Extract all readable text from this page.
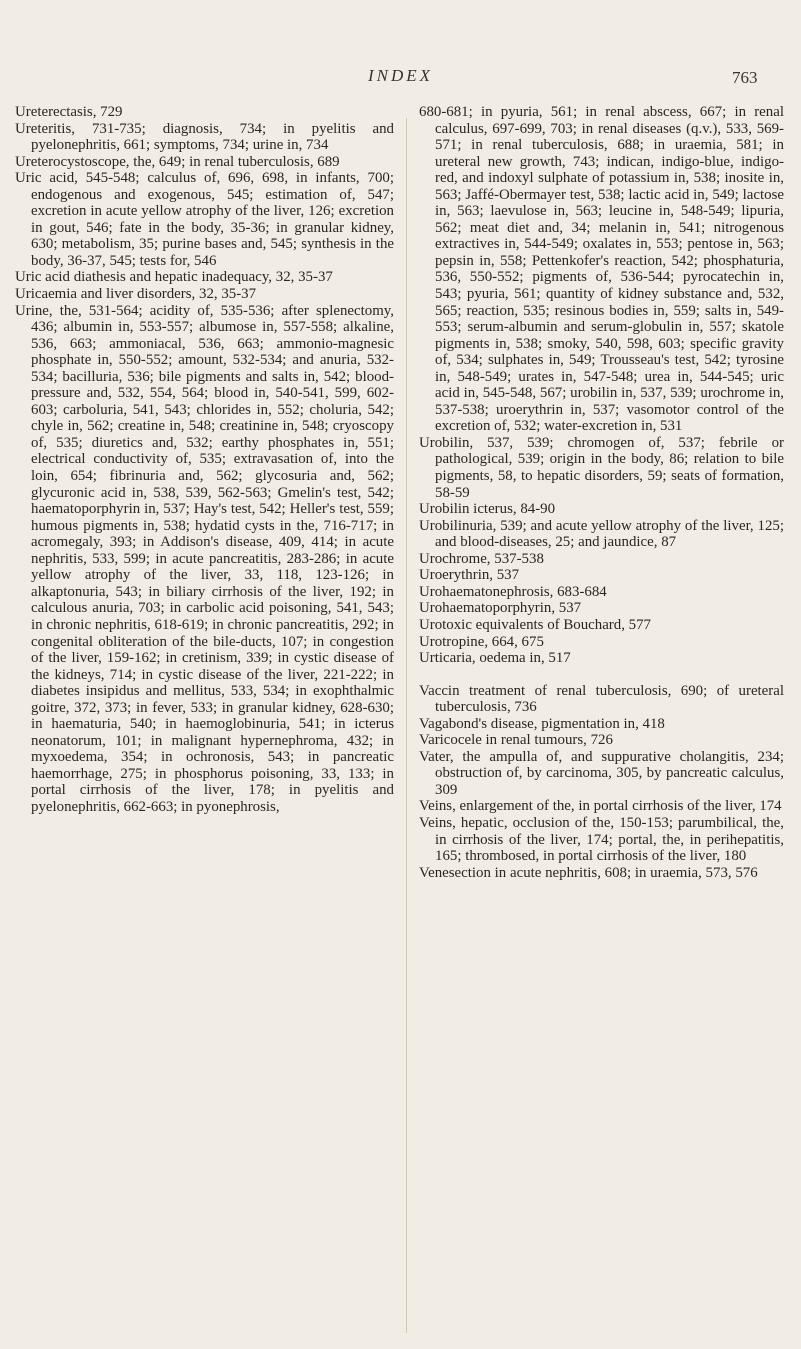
INDEX	763

Ureterectasis, 729

Ureteritis, 731-735; diagnosis, 734; in pyelitis and pyelonephritis, 661; symptoms, 734; urine in, 734

Ureterocystoscope, the, 649; in renal tuberculosis, 689

Uric acid, 545-548; calculus of, 696, 698, in infants, 700; endogenous and exogenous, 545; estimation of, 547; excretion in acute yellow atrophy of the liver, 126; excretion in gout, 546; fate in the body, 35-36; in granular kidney, 630; metabolism, 35; purine bases and, 545; synthesis in the body, 36-37, 545; tests for, 546

Uric acid diathesis and hepatic inadequacy, 32, 35-37

Uricaemia and liver disorders, 32, 35-37

Urine, the, 531-564; acidity of, 535-536; after splenectomy, 436; albumin in, 553-557; albumose in, 557-558; alkaline, 536, 663; ammoniacal, 536, 663; ammonio-magnesic phosphate in, 550-552; amount, 532-534; and anuria, 532-534; bacilluria, 536; bile pigments and salts in, 542; blood-pressure and, 532, 554, 564; blood in, 540-541, 599, 602-603; carboluria, 541, 543; chlorides in, 552; choluria, 542; chyle in, 562; creatine in, 548; creatinine in, 548; cryoscopy of, 535; diuretics and, 532; earthy phosphates in, 551; electrical conductivity of, 535; extravasation of, into the loin, 654; fibrinuria and, 562; glycosuria and, 562; glycuronic acid in, 538, 539, 562-563; Gmelin's test, 542; haematoporphyrin in, 537; Hay's test, 542; Heller's test, 559; humous pigments in, 538; hydatid cysts in the, 716-717; in acromegaly, 393; in Addison's disease, 409, 414; in acute nephritis, 533, 599; in acute pancreatitis, 283-286; in acute yellow atrophy of the liver, 33, 118, 123-126; in alkaptonuria, 543; in biliary cirrhosis of the liver, 192; in calculous anuria, 703; in carbolic acid poisoning, 541, 543; in chronic nephritis, 618-619; in chronic pancreatitis, 292; in congenital obliteration of the bile-ducts, 107; in congestion of the liver, 159-162; in cretinism, 339; in cystic disease of the kidneys, 714; in cystic disease of the liver, 221-222; in diabetes insipidus and mellitus, 533, 534; in exophthalmic goitre, 372, 373; in fever, 533; in granular kidney, 628-630; in haematuria, 540; in haemoglobinuria, 541; in icterus neonatorum, 101; in malignant hypernephroma, 432; in myxoedema, 354; in ochronosis, 543; in pancreatic haemorrhage, 275; in phosphorus poisoning, 33, 133; in portal cirrhosis of the liver, 178; in pyelitis and pyelonephritis, 662-663; in pyonephrosis,

680-681; in pyuria, 561; in renal abscess, 667; in renal calculus, 697-699, 703; in renal diseases (q.v.), 533, 569-571; in renal tuberculosis, 688; in uraemia, 581; in ureteral new growth, 743; indican, indigo-blue, indigo-red, and indoxyl sulphate of potassium in, 538; inosite in, 563; Jaffé-Obermayer test, 538; lactic acid in, 549; lactose in, 563; laevulose in, 563; leucine in, 548-549; lipuria, 562; meat diet and, 34; melanin in, 541; nitrogenous extractives in, 544-549; oxalates in, 553; pentose in, 563; pepsin in, 558; Pettenkofer's reaction, 542; phosphaturia, 536, 550-552; pigments of, 536-544; pyrocatechin in, 543; pyuria, 561; quantity of kidney substance and, 532, 565; reaction, 535; resinous bodies in, 559; salts in, 549-553; serum-albumin and serum-globulin in, 557; skatole pigments in, 538; smoky, 540, 598, 603; specific gravity of, 534; sulphates in, 549; Trousseau's test, 542; tyrosine in, 548-549; urates in, 547-548; urea in, 544-545; uric acid in, 545-548, 567; urobilin in, 537, 539; urochrome in, 537-538; uroerythrin in, 537; vasomotor control of the excretion of, 532; water-excretion in, 531

Urobilin, 537, 539; chromogen of, 537; febrile or pathological, 539; origin in the body, 86; relation to bile pigments, 58, to hepatic disorders, 59; seats of formation, 58-59

Urobilin icterus, 84-90

Urobilinuria, 539; and acute yellow atrophy of the liver, 125; and blood-diseases, 25; and jaundice, 87

Urochrome, 537-538

Uroerythrin, 537

Urohaematonephrosis, 683-684

Urohaematoporphyrin, 537

Urotoxic equivalents of Bouchard, 577

Urotropine, 664, 675

Urticaria, oedema in, 517

Vaccin treatment of renal tuberculosis, 690; of ureteral tuberculosis, 736

Vagabond's disease, pigmentation in, 418

Varicocele in renal tumours, 726

Vater, the ampulla of, and suppurative cholangitis, 234; obstruction of, by carcinoma, 305, by pancreatic calculus, 309

Veins, enlargement of the, in portal cirrhosis of the liver, 174

Veins, hepatic, occlusion of the, 150-153; parumbilical, the, in cirrhosis of the liver, 174; portal, the, in perihepatitis, 165; thrombosed, in portal cirrhosis of the liver, 180

Venesection in acute nephritis, 608; in uraemia, 573, 576
